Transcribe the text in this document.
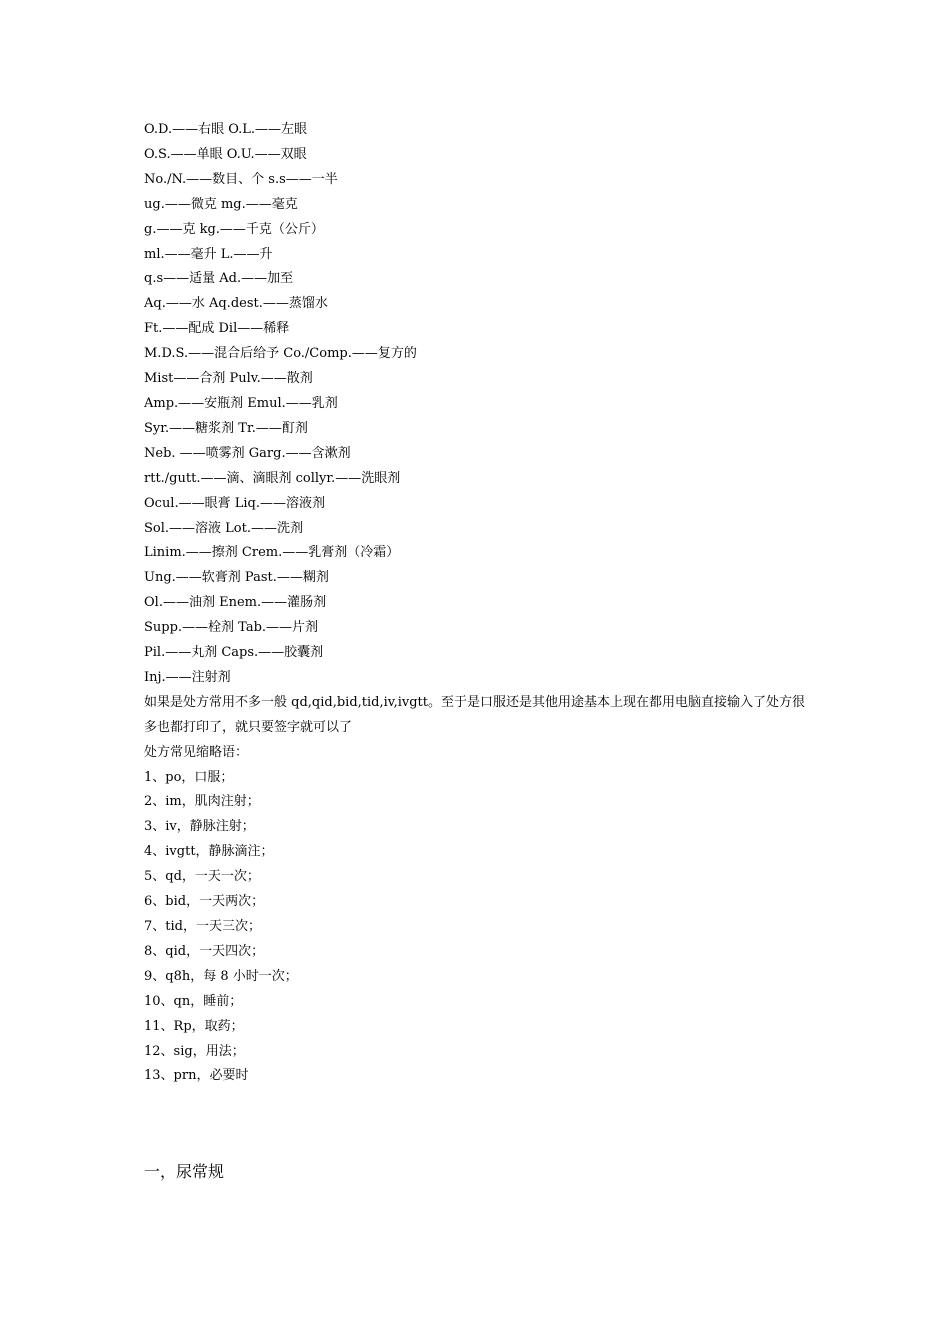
O.D.——右眼 O.L.——左眼
O.S.——单眼 O.U.——双眼
No./N.——数目、个 s.s——一半
ug.——微克 mg.——毫克
g.——克 kg.——千克（公斤）
ml.——毫升 L.——升
q.s——适量 Ad.——加至
Aq.——水 Aq.dest.——蒸馏水
Ft.——配成 Dil——稀释
M.D.S.——混合后给予 Co./Comp.——复方的
Mist——合剂 Pulv.——散剂
Amp.——安瓶剂 Emul.——乳剂
Syr.——糖浆剂 Tr.——酊剂
Neb. ——喷雾剂 Garg.——含漱剂
rtt./gutt.——滴、滴眼剂 collyr.——洗眼剂
Ocul.——眼膏 Liq.——溶液剂
Sol.——溶液 Lot.——洗剂
Linim.——擦剂 Crem.——乳膏剂（冷霜）
Ung.——软膏剂 Past.——糊剂
Ol.——油剂 Enem.——灌肠剂
Supp.——栓剂 Tab.——片剂
Pil.——丸剂 Caps.——胶囊剂
Inj.——注射剂
如果是处方常用不多一般 qd,qid,bid,tid,iv,ivgtt。至于是口服还是其他用途基本上现在都用电脑直接输入了处方很多也都打印了，就只要签字就可以了
处方常见缩略语：
1、po，口服；
2、im，肌肉注射；
3、iv，静脉注射；
4、ivgtt，静脉滴注；
5、qd，一天一次；
6、bid，一天两次；
7、tid，一天三次；
8、qid，一天四次；
9、q8h，每 8 小时一次；
10、qn，睡前；
11、Rp，取药；
12、sig，用法；
13、prn，必要时
一，尿常规
